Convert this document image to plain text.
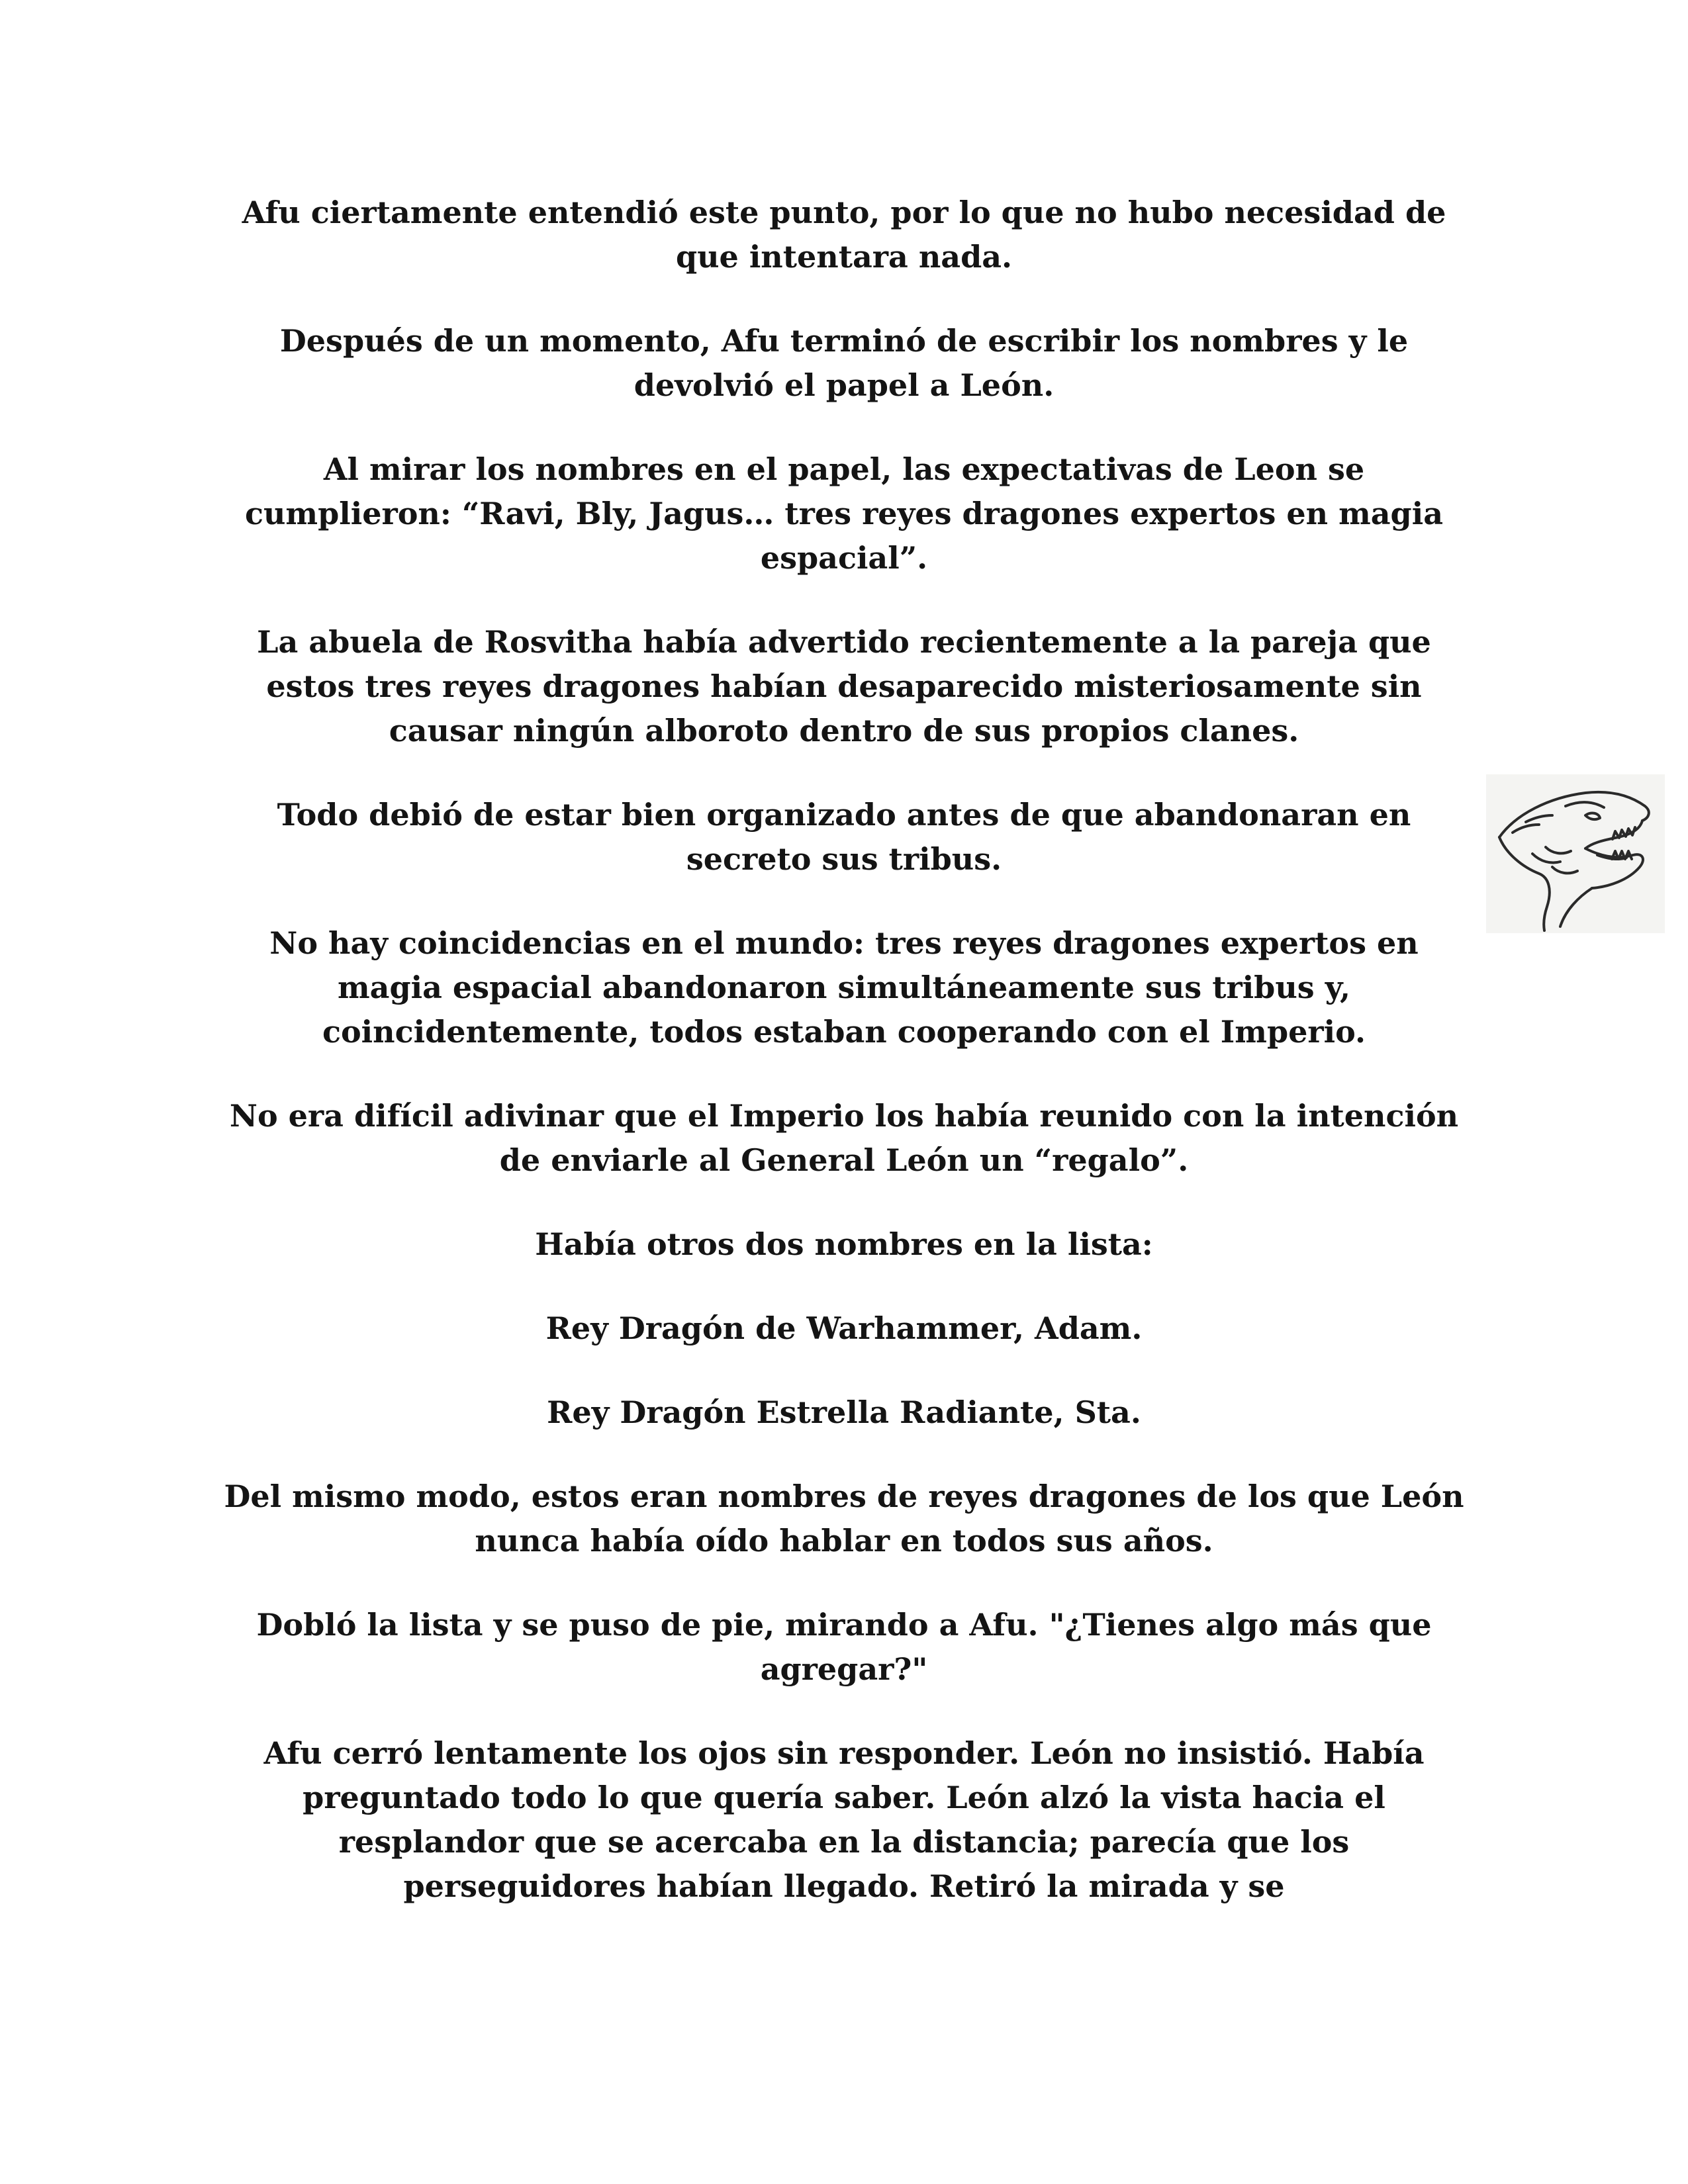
Afu ciertamente entendió este punto, por lo que no hubo necesidad de que intentara nada.

Después de un momento, Afu terminó de escribir los nombres y le devolvió el papel a León.

Al mirar los nombres en el papel, las expectativas de Leon se cumplieron: “Ravi, Bly, Jagus… tres reyes dragones expertos en magia espacial”.

La abuela de Rosvitha había advertido recientemente a la pareja que estos tres reyes dragones habían desaparecido misteriosamente sin causar ningún alboroto dentro de sus propios clanes.

Todo debió de estar bien organizado antes de que abandonaran en secreto sus tribus.

No hay coincidencias en el mundo: tres reyes dragones expertos en magia espacial abandonaron simultáneamente sus tribus y, coincidentemente, todos estaban cooperando con el Imperio.

No era difícil adivinar que el Imperio los había reunido con la intención de enviarle al General León un “regalo”.

Había otros dos nombres en la lista:

Rey Dragón de Warhammer, Adam.

Rey Dragón Estrella Radiante, Sta.

Del mismo modo, estos eran nombres de reyes dragones de los que León nunca había oído hablar en todos sus años.

Dobló la lista y se puso de pie, mirando a Afu. "¿Tienes algo más que agregar?"

Afu cerró lentamente los ojos sin responder. León no insistió. Había preguntado todo lo que quería saber. León alzó la vista hacia el resplandor que se acercaba en la distancia; parecía que los perseguidores habían llegado. Retiró la mirada y se
